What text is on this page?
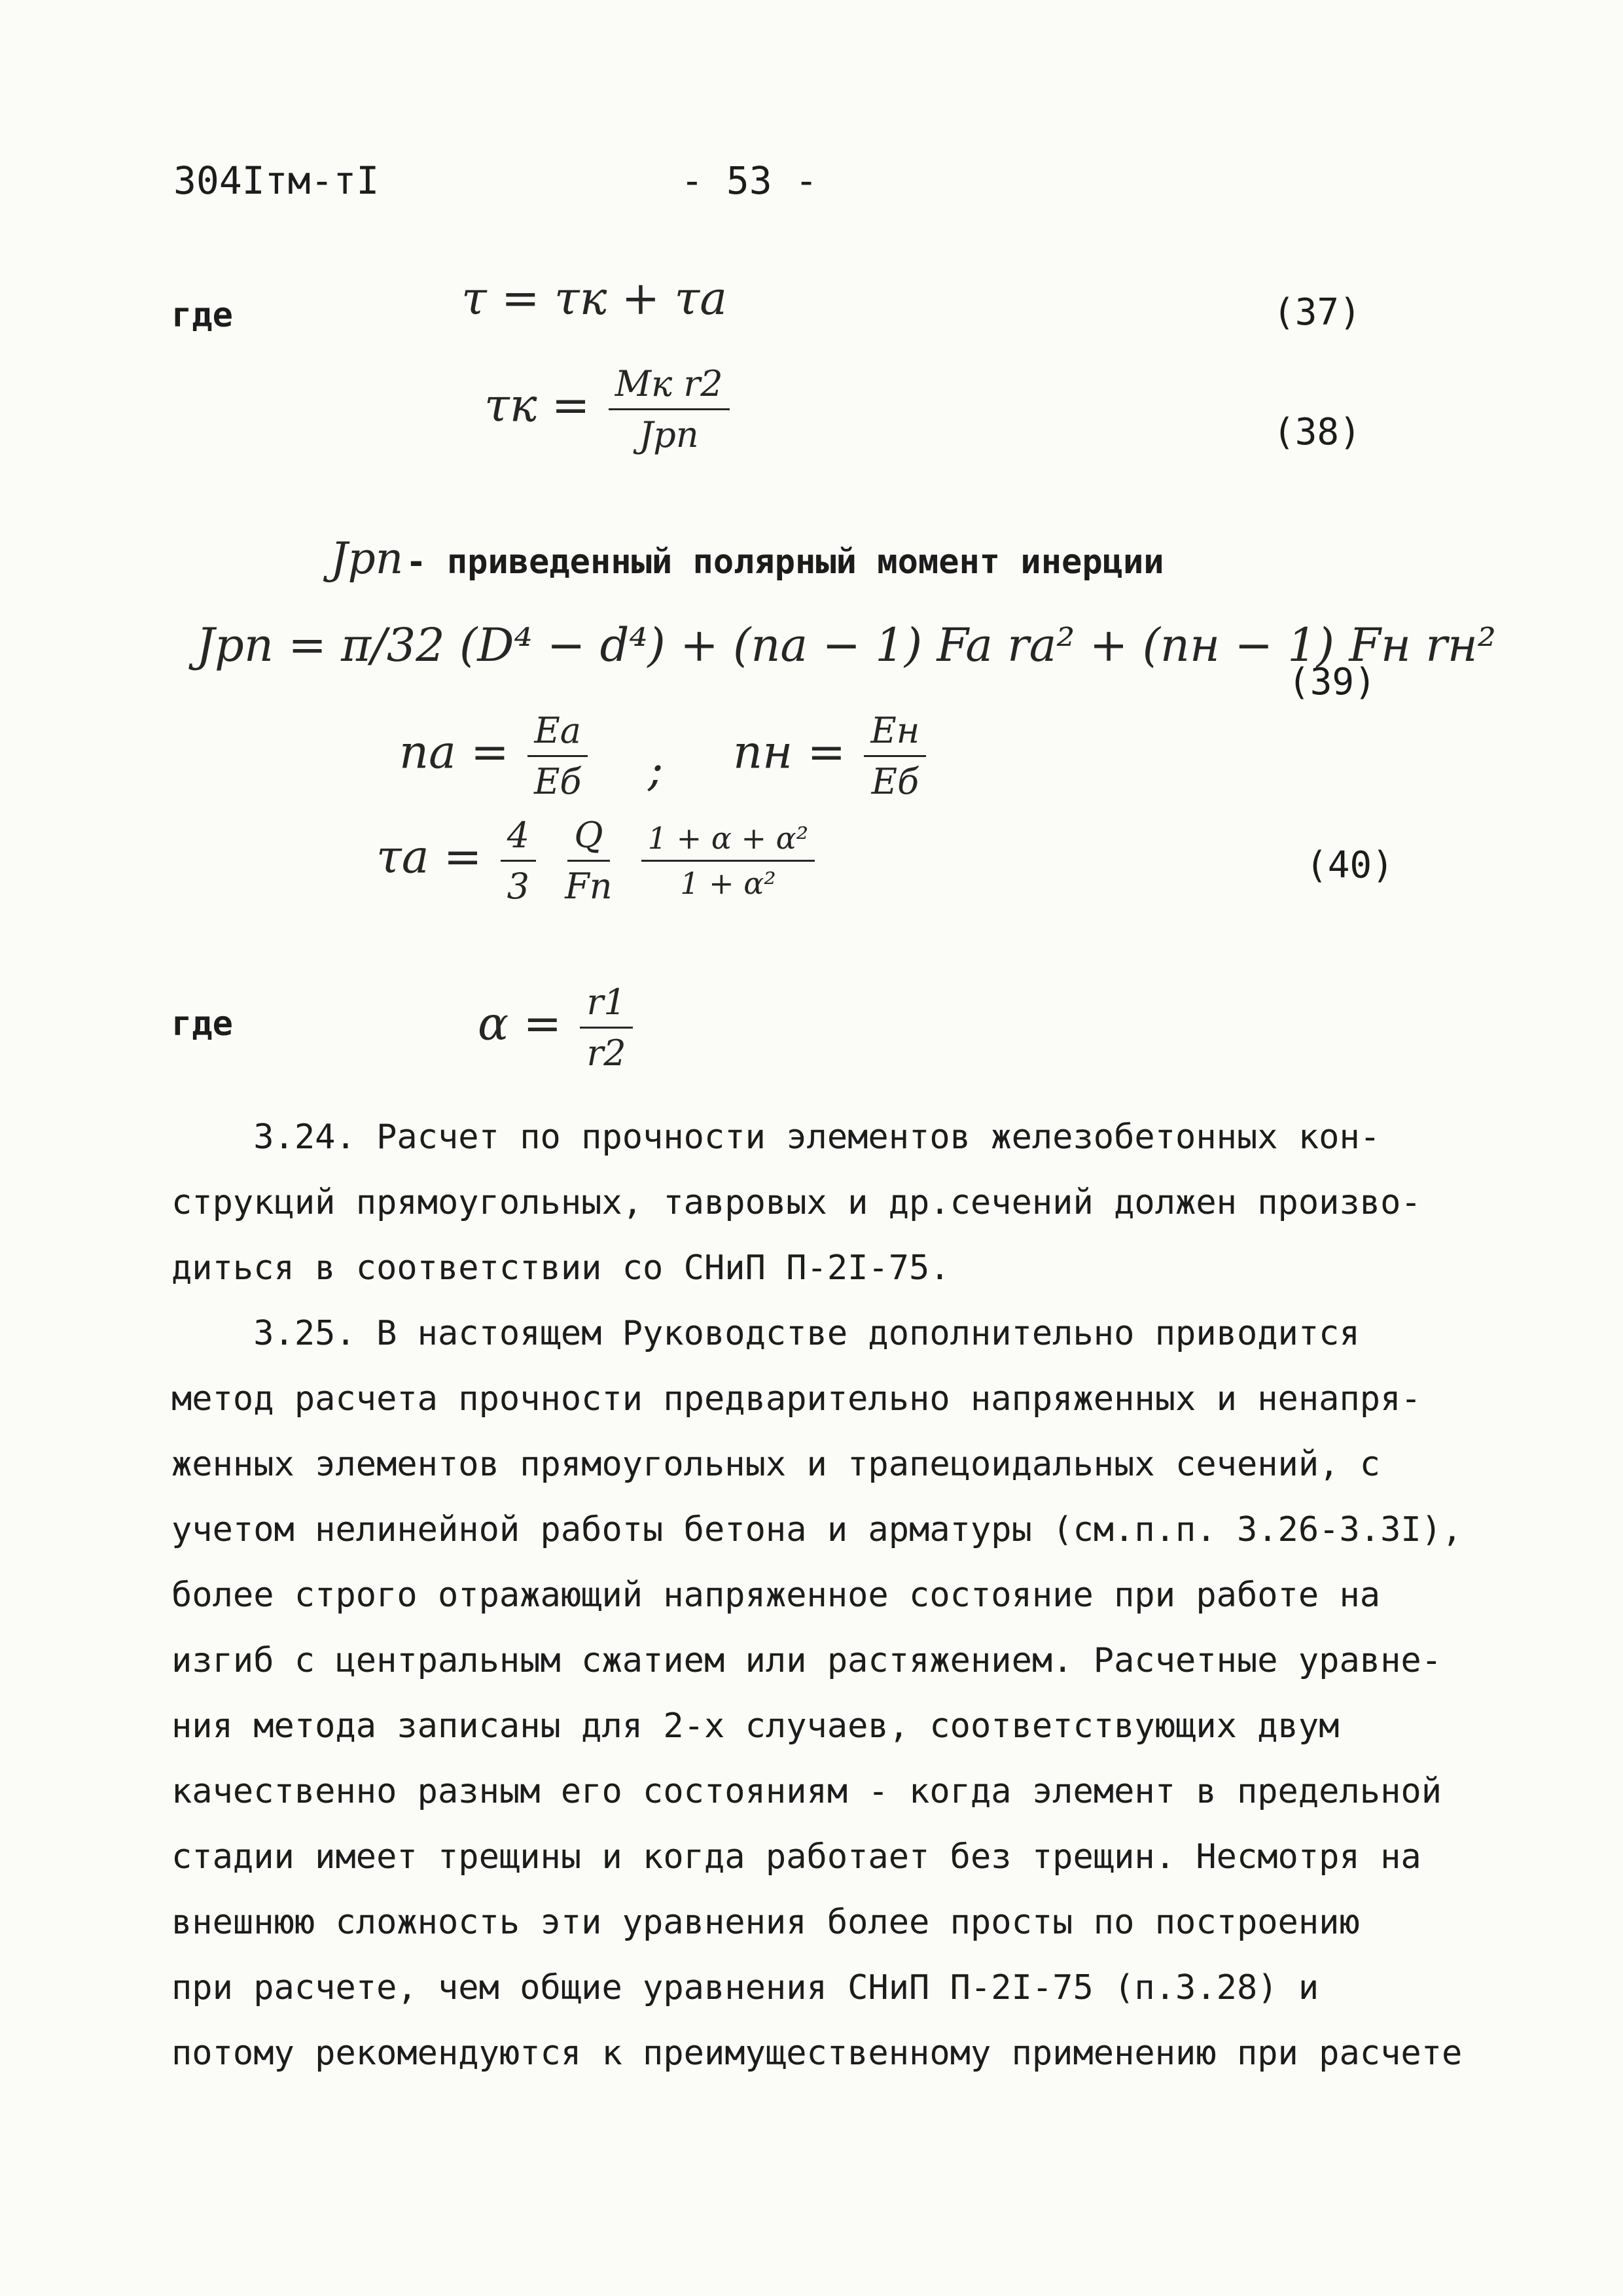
304Iтм-тI	- 53 -
где
где
τ = τк + τa	(37)
$\tau к = \frac{\text{Mк r2}}{\text{Jрп}}$	(38)
Jрп - приведенный полярный момент инерции
Jрп = π/32 (D⁴ − d⁴) + (na − 1) Fa ra² + (nн − 1) Fн rн²
(39)
na = $\frac{Ea}{Eб}$ ; nн = $\frac{Eн}{Eб}$
$\tau a = \frac{4}{3}$
$\frac{Q}{Fп}$
$\frac{\text{1 + α + α²}}{\text{1 + α²}}$	(40)
$\alpha = \frac{r1}{r2}$
3.24. Расчет по прочности элементов железобетонных кон-
струкций прямоугольных, тавровых и др.сечений должен произво-
диться в соответствии со СНиП П-2I-75.
3.25. В настоящем Руководстве дополнительно приводится
метод расчета прочности предварительно напряженных и ненапря-
женных элементов прямоугольных и трапецоидальных сечений, с
учетом нелинейной работы бетона и арматуры (см.п.п. 3.26-3.3I),
более строго отражающий напряженное состояние при работе на
изгиб с центральным сжатием или растяжением. Расчетные уравне-
ния метода записаны для 2-х случаев, соответствующих двум
качественно разным его состояниям - когда элемент в предельной
стадии имеет трещины и когда работает без трещин. Несмотря на
внешнюю сложность эти уравнения более просты по построению
при расчете, чем общие уравнения СНиП П-2I-75 (п.3.28) и
потому рекомендуются к преимущественному применению при расчете
